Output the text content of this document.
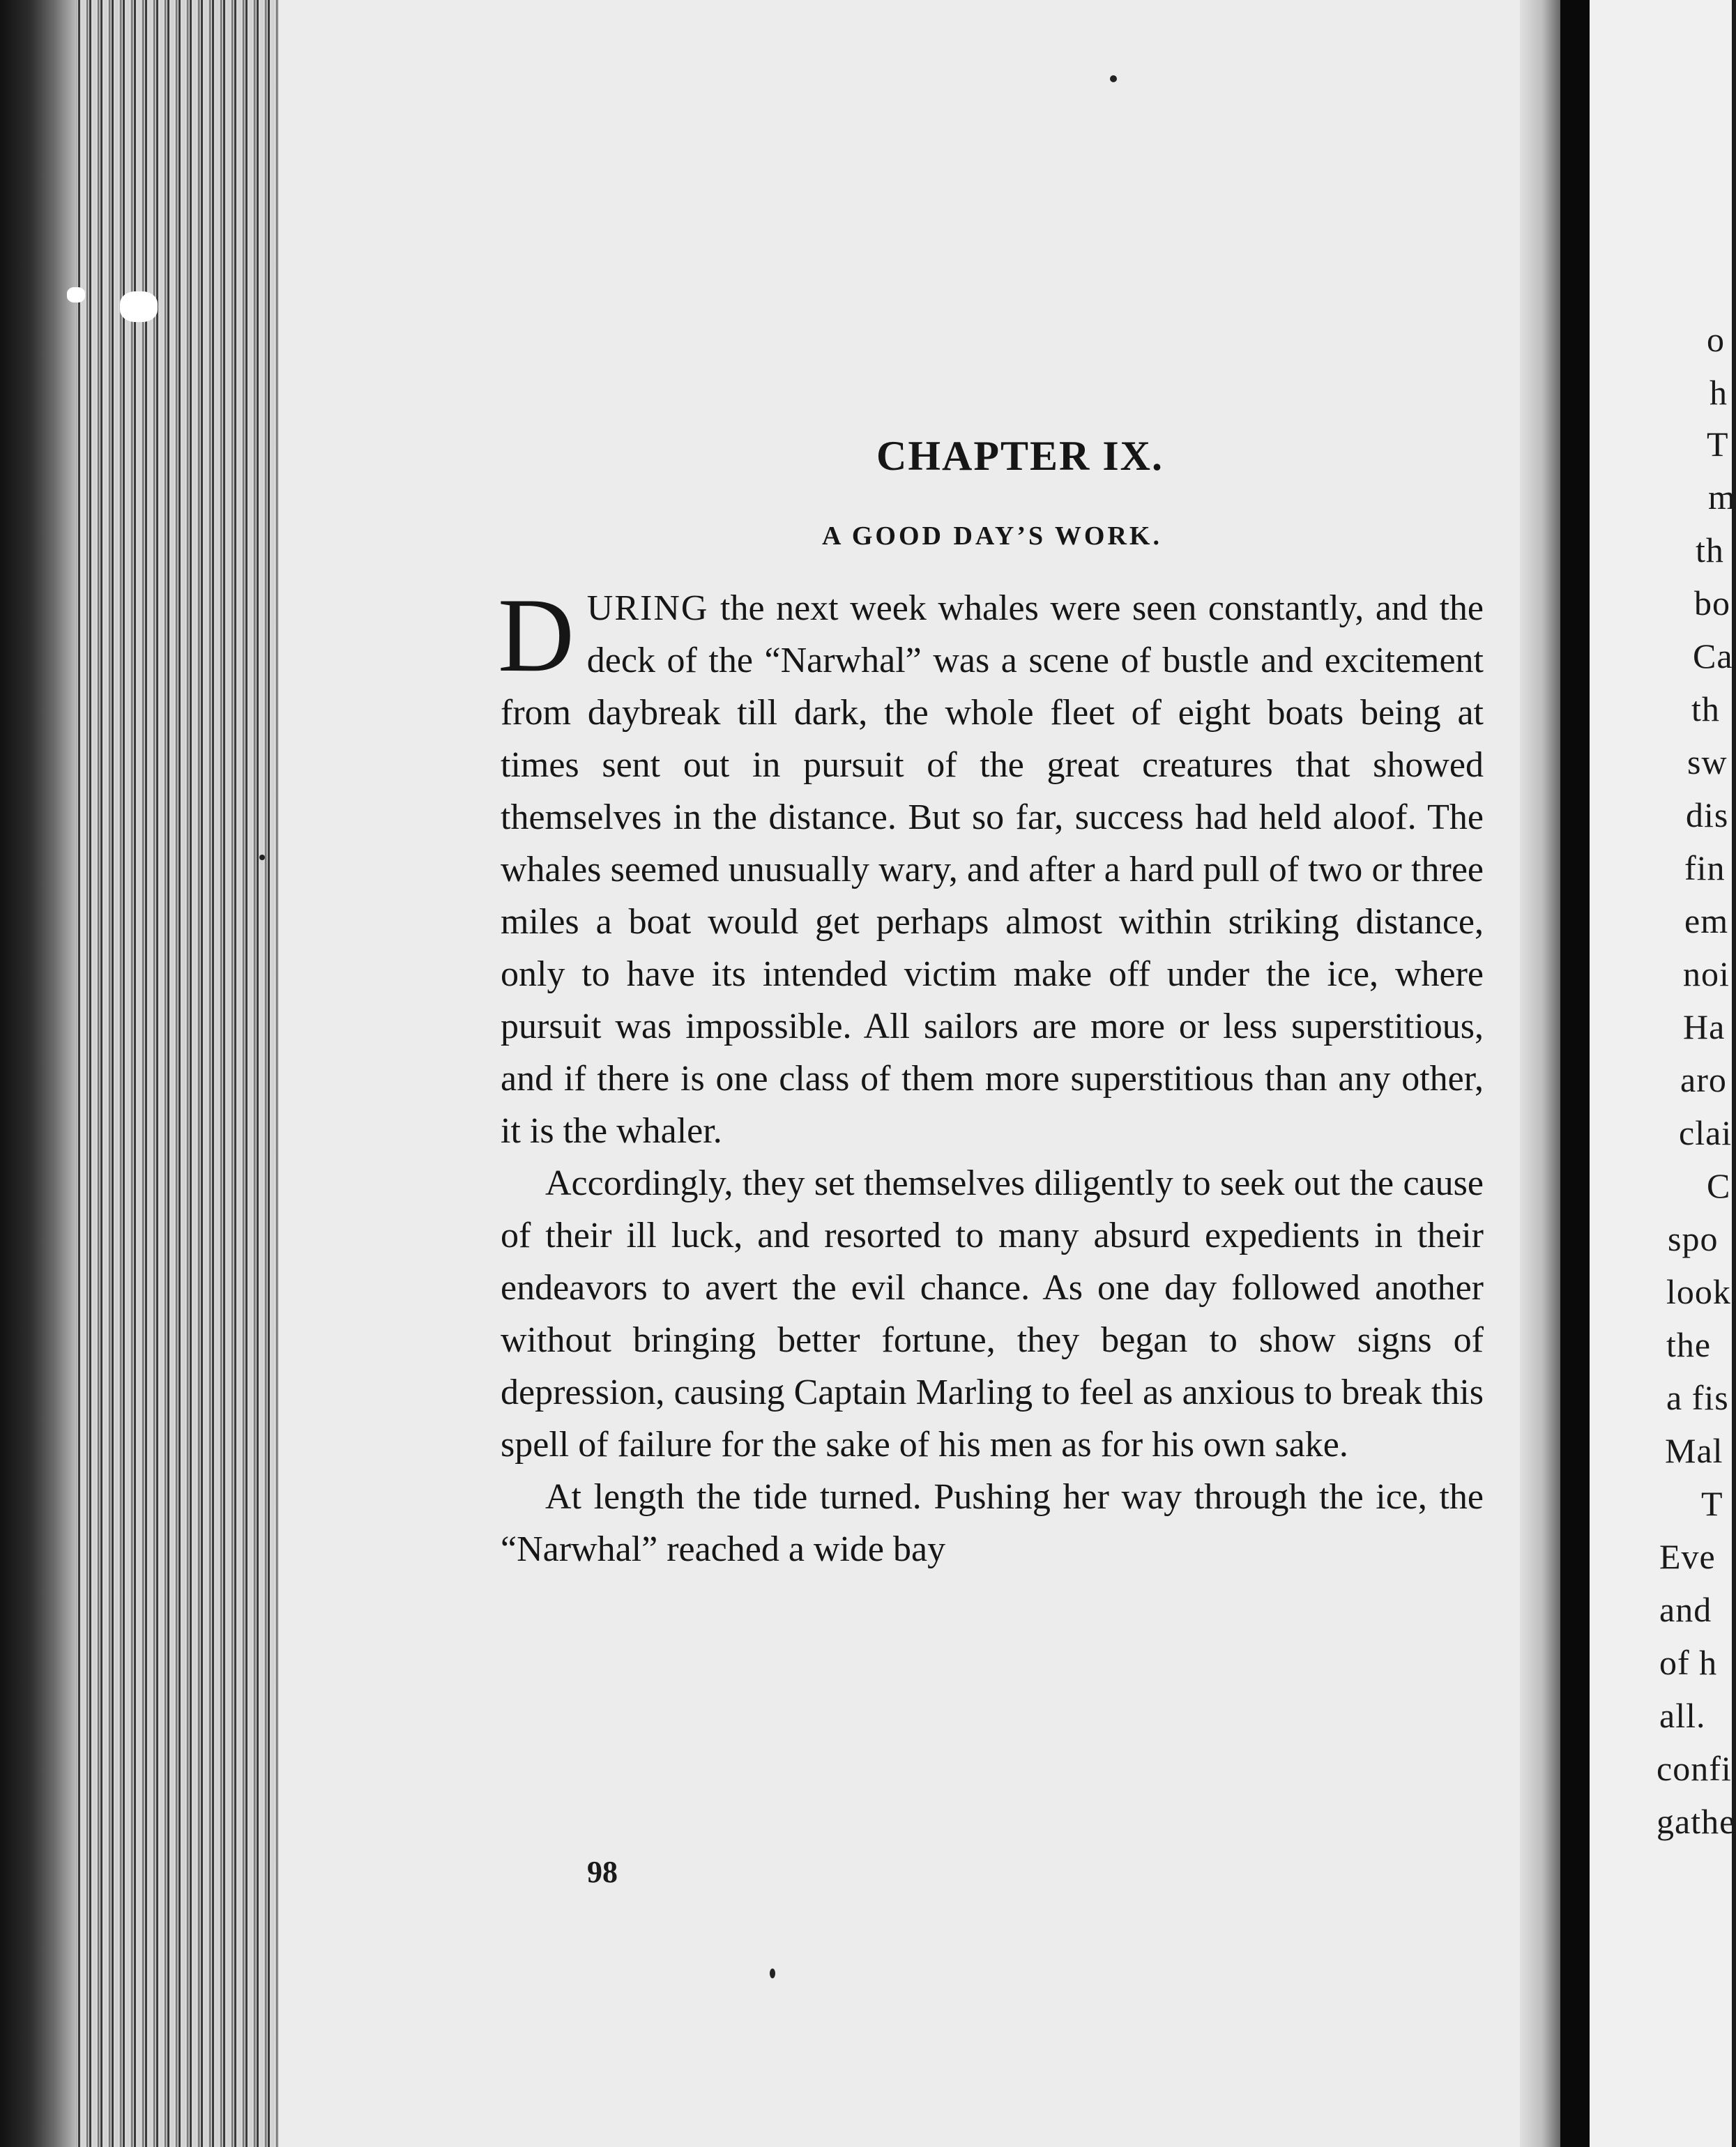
CHAPTER IX.
A GOOD DAY’S WORK.

DURING the next week whales were seen constantly, and the deck of the “Narwhal” was a scene of bustle and excitement from daybreak till dark, the whole fleet of eight boats being at times sent out in pursuit of the great creatures that showed themselves in the distance. But so far, success had held aloof. The whales seemed unusually wary, and after a hard pull of two or three miles a boat would get perhaps almost within striking distance, only to have its intended victim make off under the ice, where pursuit was impossible. All sailors are more or less superstitious, and if there is one class of them more superstitious than any other, it is the whaler.

Accordingly, they set themselves diligently to seek out the cause of their ill luck, and resorted to many absurd expedients in their endeavors to avert the evil chance. As one day followed another without bringing better fortune, they began to show signs of depression, causing Captain Marling to feel as anxious to break this spell of failure for the sake of his men as for his own sake.

At length the tide turned. Pushing her way through the ice, the “Narwhal” reached a wide bay

98

o

h

T

m

th

bo

Ca

th

sw

dis

fin

em

noi

Ha

aro

clai

C

spo

look

the

a fis

Mal

T

Eve

and

of h

all.

confi

gathe
